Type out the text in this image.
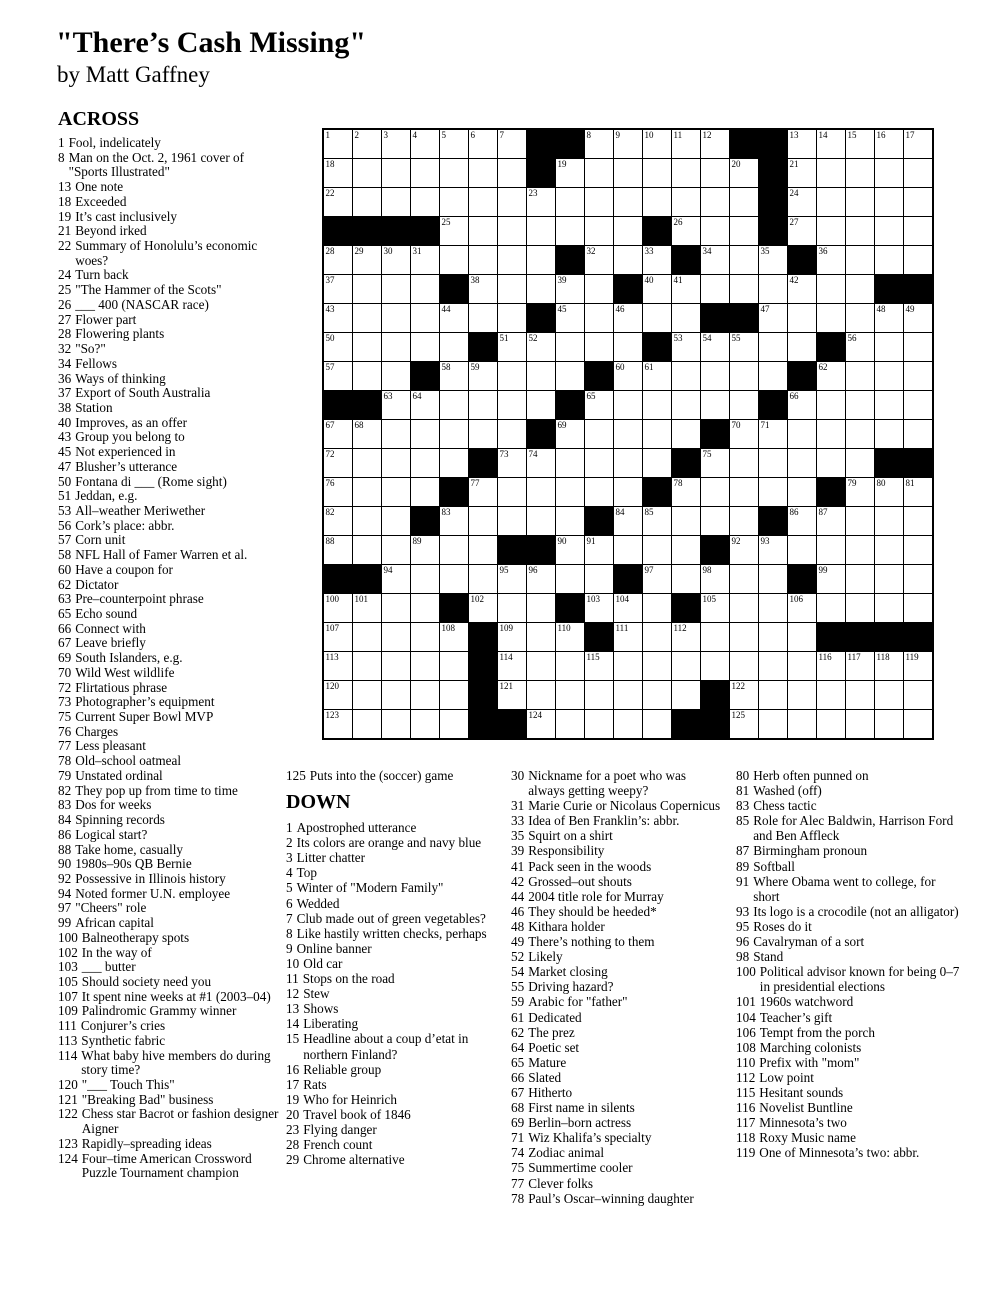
"There’s Cash Missing"
by Matt Gaffney
ACROSS
1 Fool, indelicately
8 Man on the Oct. 2, 1961 cover of "Sports Illustrated"
13 One note
18 Exceeded
19 It’s cast inclusively
21 Beyond irked
22 Summary of Honolulu’s economic woes?
24 Turn back
25 "The Hammer of the Scots"
26 ___ 400 (NASCAR race)
27 Flower part
28 Flowering plants
32 "So?"
34 Fellows
36 Ways of thinking
37 Export of South Australia
38 Station
40 Improves, as an offer
43 Group you belong to
45 Not experienced in
47 Blusher’s utterance
50 Fontana di ___ (Rome sight)
51 Jeddan, e.g.
53 All–weather Meriwether
56 Cork’s place: abbr.
57 Corn unit
58 NFL Hall of Famer Warren et al.
60 Have a coupon for
62 Dictator
63 Pre–counterpoint phrase
65 Echo sound
66 Connect with
67 Leave briefly
69 South Islanders, e.g.
70 Wild West wildlife
72 Flirtatious phrase
73 Photographer’s equipment
75 Current Super Bowl MVP
76 Charges
77 Less pleasant
78 Old–school oatmeal
79 Unstated ordinal
82 They pop up from time to time
83 Dos for weeks
84 Spinning records
86 Logical start?
88 Take home, casually
90 1980s–90s QB Bernie
92 Possessive in Illinois history
94 Noted former U.N. employee
97 "Cheers" role
99 African capital
100 Balneotherapy spots
102 In the way of
103 ___ butter
105 Should society need you
107 It spent nine weeks at #1 (2003–04)
109 Palindromic Grammy winner
111 Conjurer’s cries
113 Synthetic fabric
114 What baby hive members do during story time?
120 "___ Touch This"
121 "Breaking Bad" business
122 Chess star Bacrot or fashion designer Aigner
123 Rapidly–spreading ideas
124 Four–time American Crossword Puzzle Tournament champion
1	2	3	4	5	6	7	8	9	10 11 12	13 14 15 16 17
18	19	20	21
22	23	24
25	26	27
28 29 30 31	32	33	34	35	36
37	38	39	40 41	42
43	44	45	46	47	48 49
50	51 52	53 54 55	56
57	58 59	60 61	62
63 64	65	66
67 68	69	70 71
72	73 74	75
76	77	78	79 80 81
82	83	84 85	86 87
88	89	90 91	92 93
94	95 96	97	98	99
100 101	102	103 104	105	106
107	108	109	110	111	112
113	114	115	116 117 118 119
120	121	122
123	124	125
125 Puts into the (soccer) game
DOWN
1 Apostrophed utterance
2 Its colors are orange and navy blue
3 Litter chatter
4 Top
5 Winter of "Modern Family"
6 Wedded
7 Club made out of green vegetables?
8 Like hastily written checks, perhaps
9 Online banner
10 Old car
11 Stops on the road
12 Stew
13 Shows
14 Liberating
15 Headline about a coup d’etat in northern Finland?
16 Reliable group
17 Rats
19 Who for Heinrich
20 Travel book of 1846
23 Flying danger
28 French count
29 Chrome alternative
30 Nickname for a poet who was always getting weepy?
31 Marie Curie or Nicolaus Copernicus
33 Idea of Ben Franklin’s: abbr.
35 Squirt on a shirt
39 Responsibility
41 Pack seen in the woods
42 Grossed–out shouts
44 2004 title role for Murray
46 They should be heeded*
48 Kithara holder
49 There’s nothing to them
52 Likely
54 Market closing
55 Driving hazard?
59 Arabic for "father"
61 Dedicated
62 The prez
64 Poetic set
65 Mature
66 Slated
67 Hitherto
68 First name in silents
69 Berlin–born actress
71 Wiz Khalifa’s specialty
74 Zodiac animal
75 Summertime cooler
77 Clever folks
78 Paul’s Oscar–winning daughter
80 Herb often punned on
81 Washed (off)
83 Chess tactic
85 Role for Alec Baldwin, Harrison Ford and Ben Affleck
87 Birmingham pronoun
89 Softball
91 Where Obama went to college, for short
93 Its logo is a crocodile (not an alligator)
95 Roses do it
96 Cavalryman of a sort
98 Stand
100 Political advisor known for being 0–7 in presidential elections
101 1960s watchword
104 Teacher’s gift
106 Tempt from the porch
108 Marching colonists
110 Prefix with "mom"
112 Low point
115 Hesitant sounds
116 Novelist Buntline
117 Minnesota’s two
118 Roxy Music name
119 One of Minnesota’s two: abbr.
